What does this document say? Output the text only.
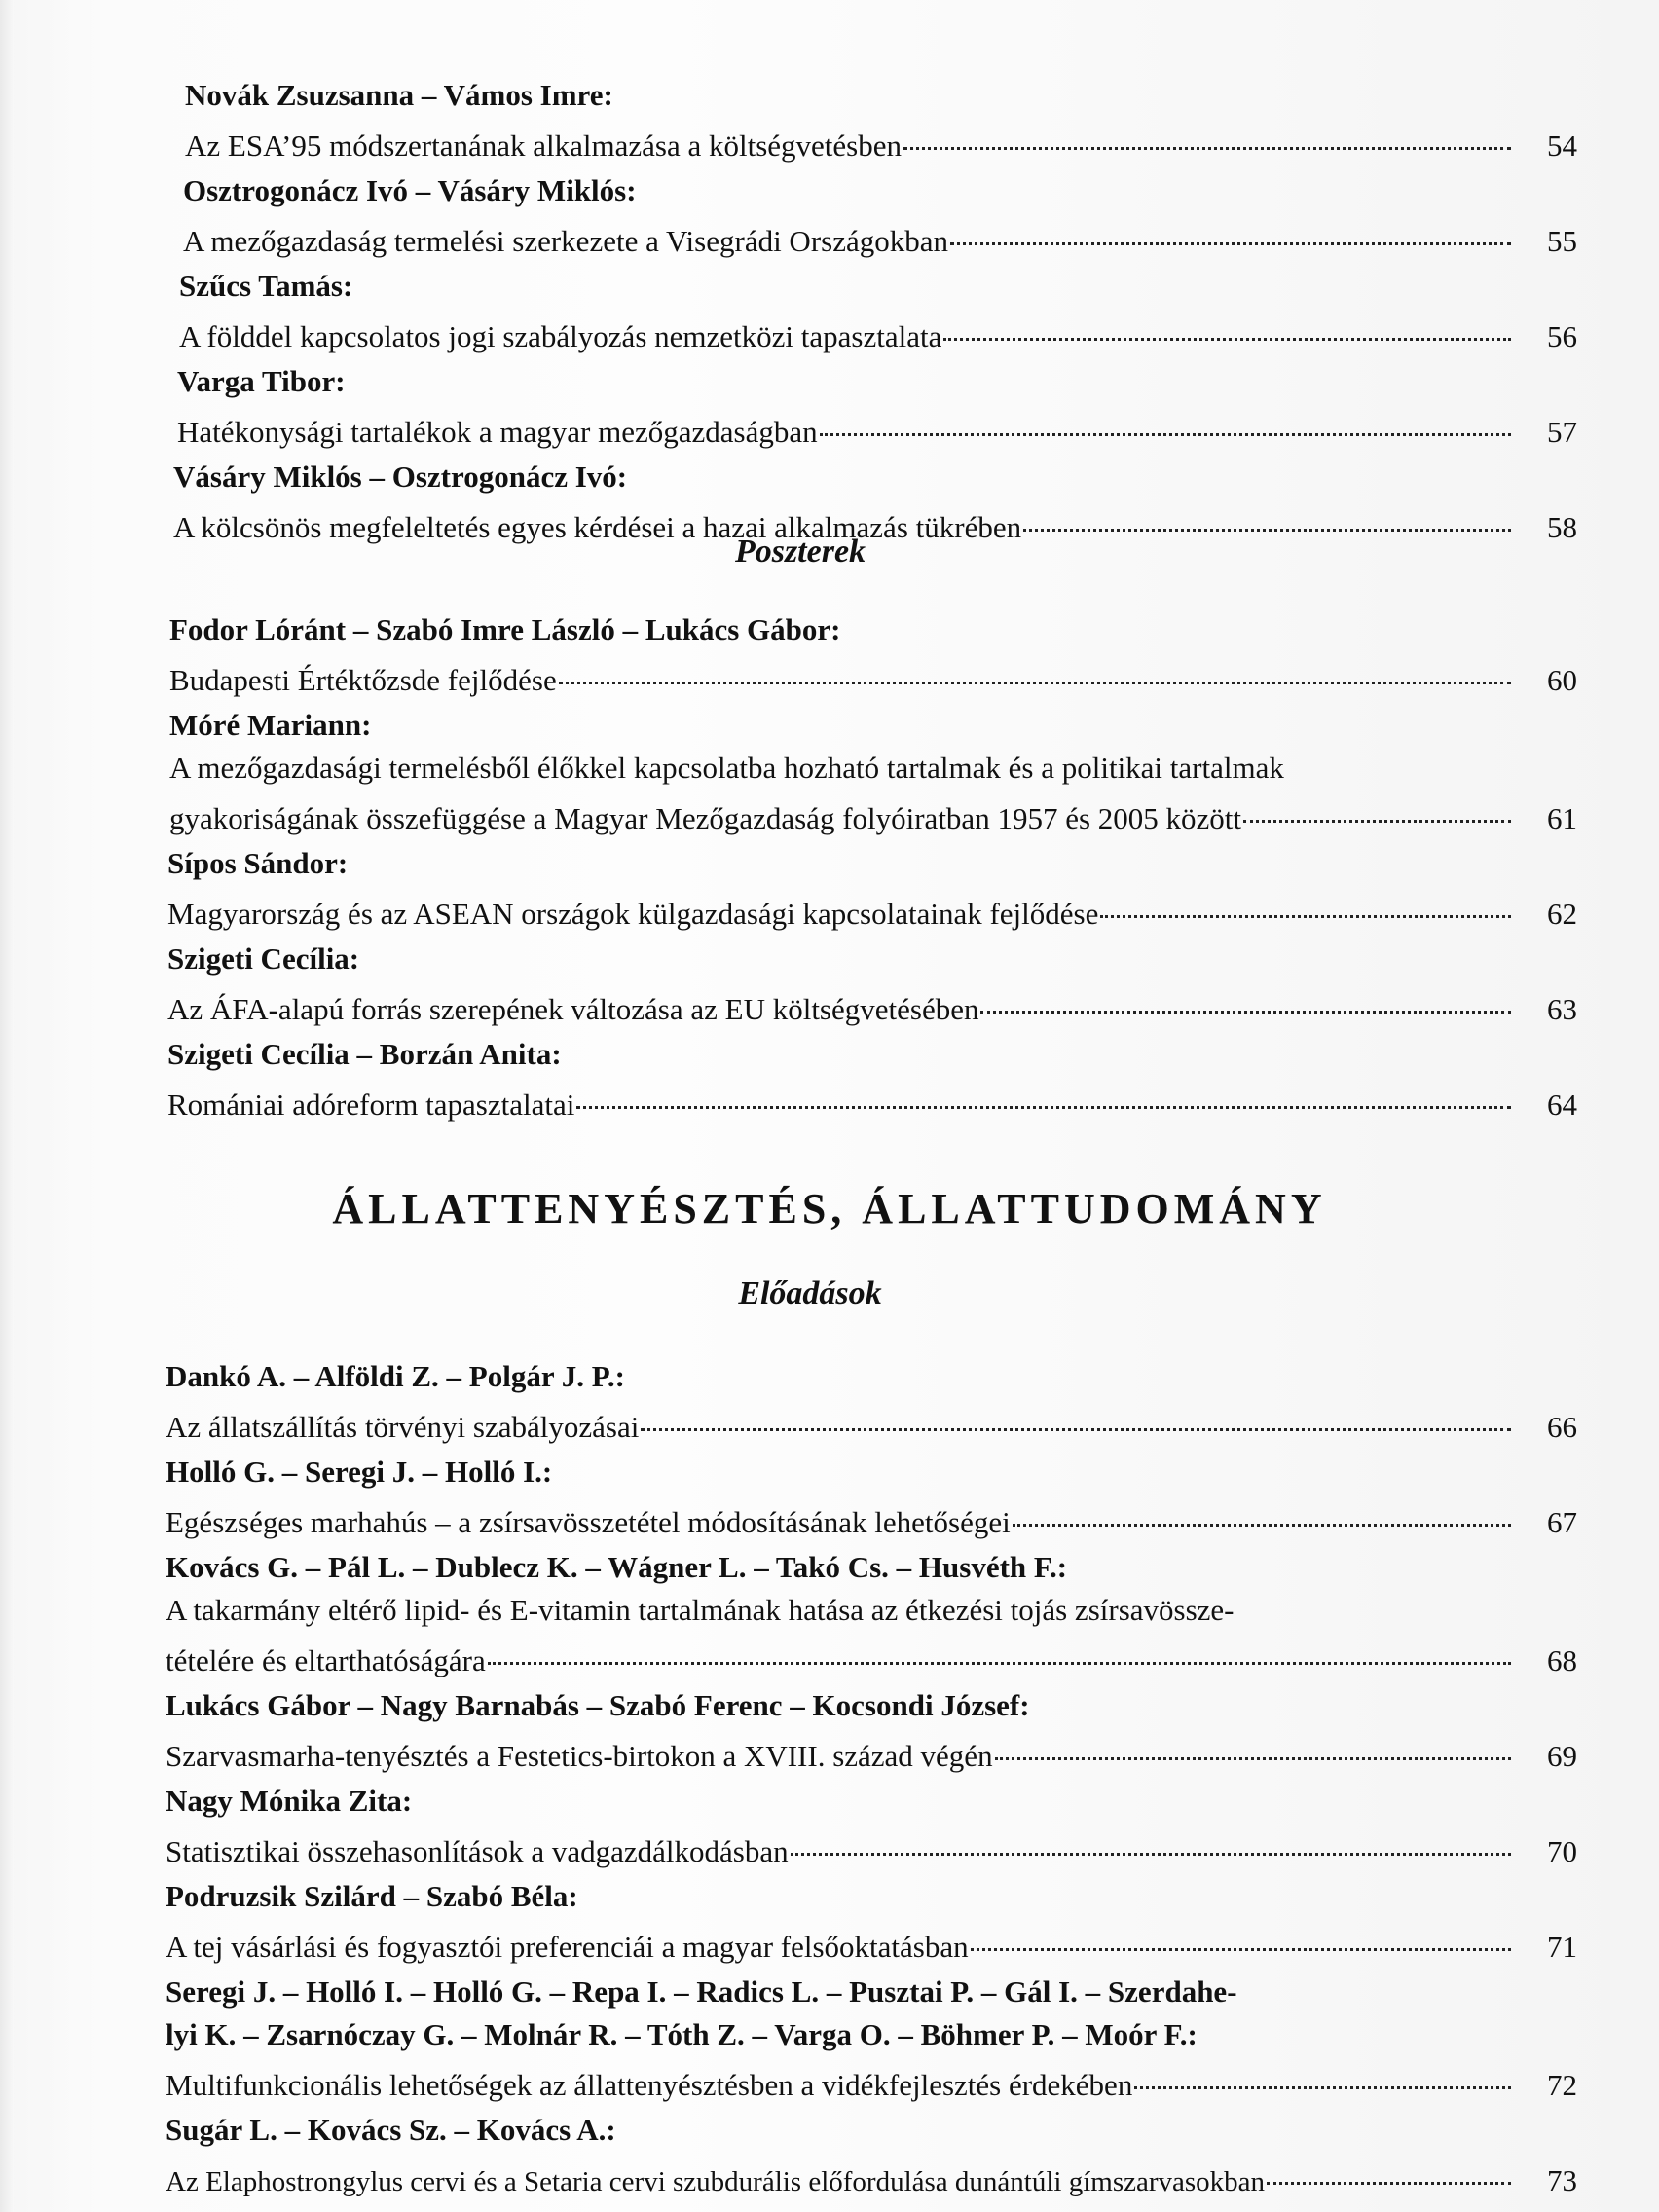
Novák Zsuzsanna – Vámos Imre:
Az ESA’95 módszertanának alkalmazása a költségvetésben	54
Osztrogonácz Ivó – Vásáry Miklós:
A mezőgazdaság termelési szerkezete a Visegrádi Országokban	55
Szűcs Tamás:
A földdel kapcsolatos jogi szabályozás nemzetközi tapasztalata	56
Varga Tibor:
Hatékonysági tartalékok a magyar mezőgazdaságban	57
Vásáry Miklós – Osztrogonácz Ivó:
A kölcsönös megfeleltetés egyes kérdései a hazai alkalmazás tükrében	58
Poszterek
Fodor Lóránt – Szabó Imre László – Lukács Gábor:
Budapesti Értéktőzsde fejlődése	60
Móré Mariann:
A mezőgazdasági termelésből élőkkel kapcsolatba hozható tartalmak és a politikai tartalmak
gyakoriságának összefüggése a Magyar Mezőgazdaság folyóiratban 1957 és 2005 között	61
Sípos Sándor:
Magyarország és az ASEAN országok külgazdasági kapcsolatainak fejlődése	62
Szigeti Cecília:
Az ÁFA-alapú forrás szerepének változása az EU költségvetésében	63
Szigeti Cecília – Borzán Anita:
Romániai adóreform tapasztalatai	64
ÁLLATTENYÉSZTÉS, ÁLLATTUDOMÁNY
Előadások
Dankó A. – Alföldi Z. – Polgár J. P.:
Az állatszállítás törvényi szabályozásai	66
Holló G. – Seregi J. – Holló I.:
Egészséges marhahús – a zsírsavösszetétel módosításának lehetőségei	67
Kovács G. – Pál L. – Dublecz K. – Wágner L. – Takó Cs. – Husvéth F.:
A takarmány eltérő lipid- és E-vitamin tartalmának hatása az étkezési tojás zsírsavössze-
tételére és eltarthatóságára	68
Lukács Gábor – Nagy Barnabás – Szabó Ferenc – Kocsondi József:
Szarvasmarha-tenyésztés a Festetics-birtokon a XVIII. század végén	69
Nagy Mónika Zita:
Statisztikai összehasonlítások a vadgazdálkodásban	70
Podruzsik Szilárd – Szabó Béla:
A tej vásárlási és fogyasztói preferenciái a magyar felsőoktatásban	71
Seregi J. – Holló I. – Holló G. – Repa I. – Radics L. – Pusztai P. – Gál I. – Szerdahe-
lyi K. – Zsarnóczay G. – Molnár R. – Tóth Z. – Varga O. – Böhmer P. – Moór F.:
Multifunkcionális lehetőségek az állattenyésztésben a vidékfejlesztés érdekében	72
Sugár L. – Kovács Sz. – Kovács A.:
Az Elaphostrongylus cervi és a Setaria cervi szubdurális előfordulása dunántúli gímszarvasokban	73
